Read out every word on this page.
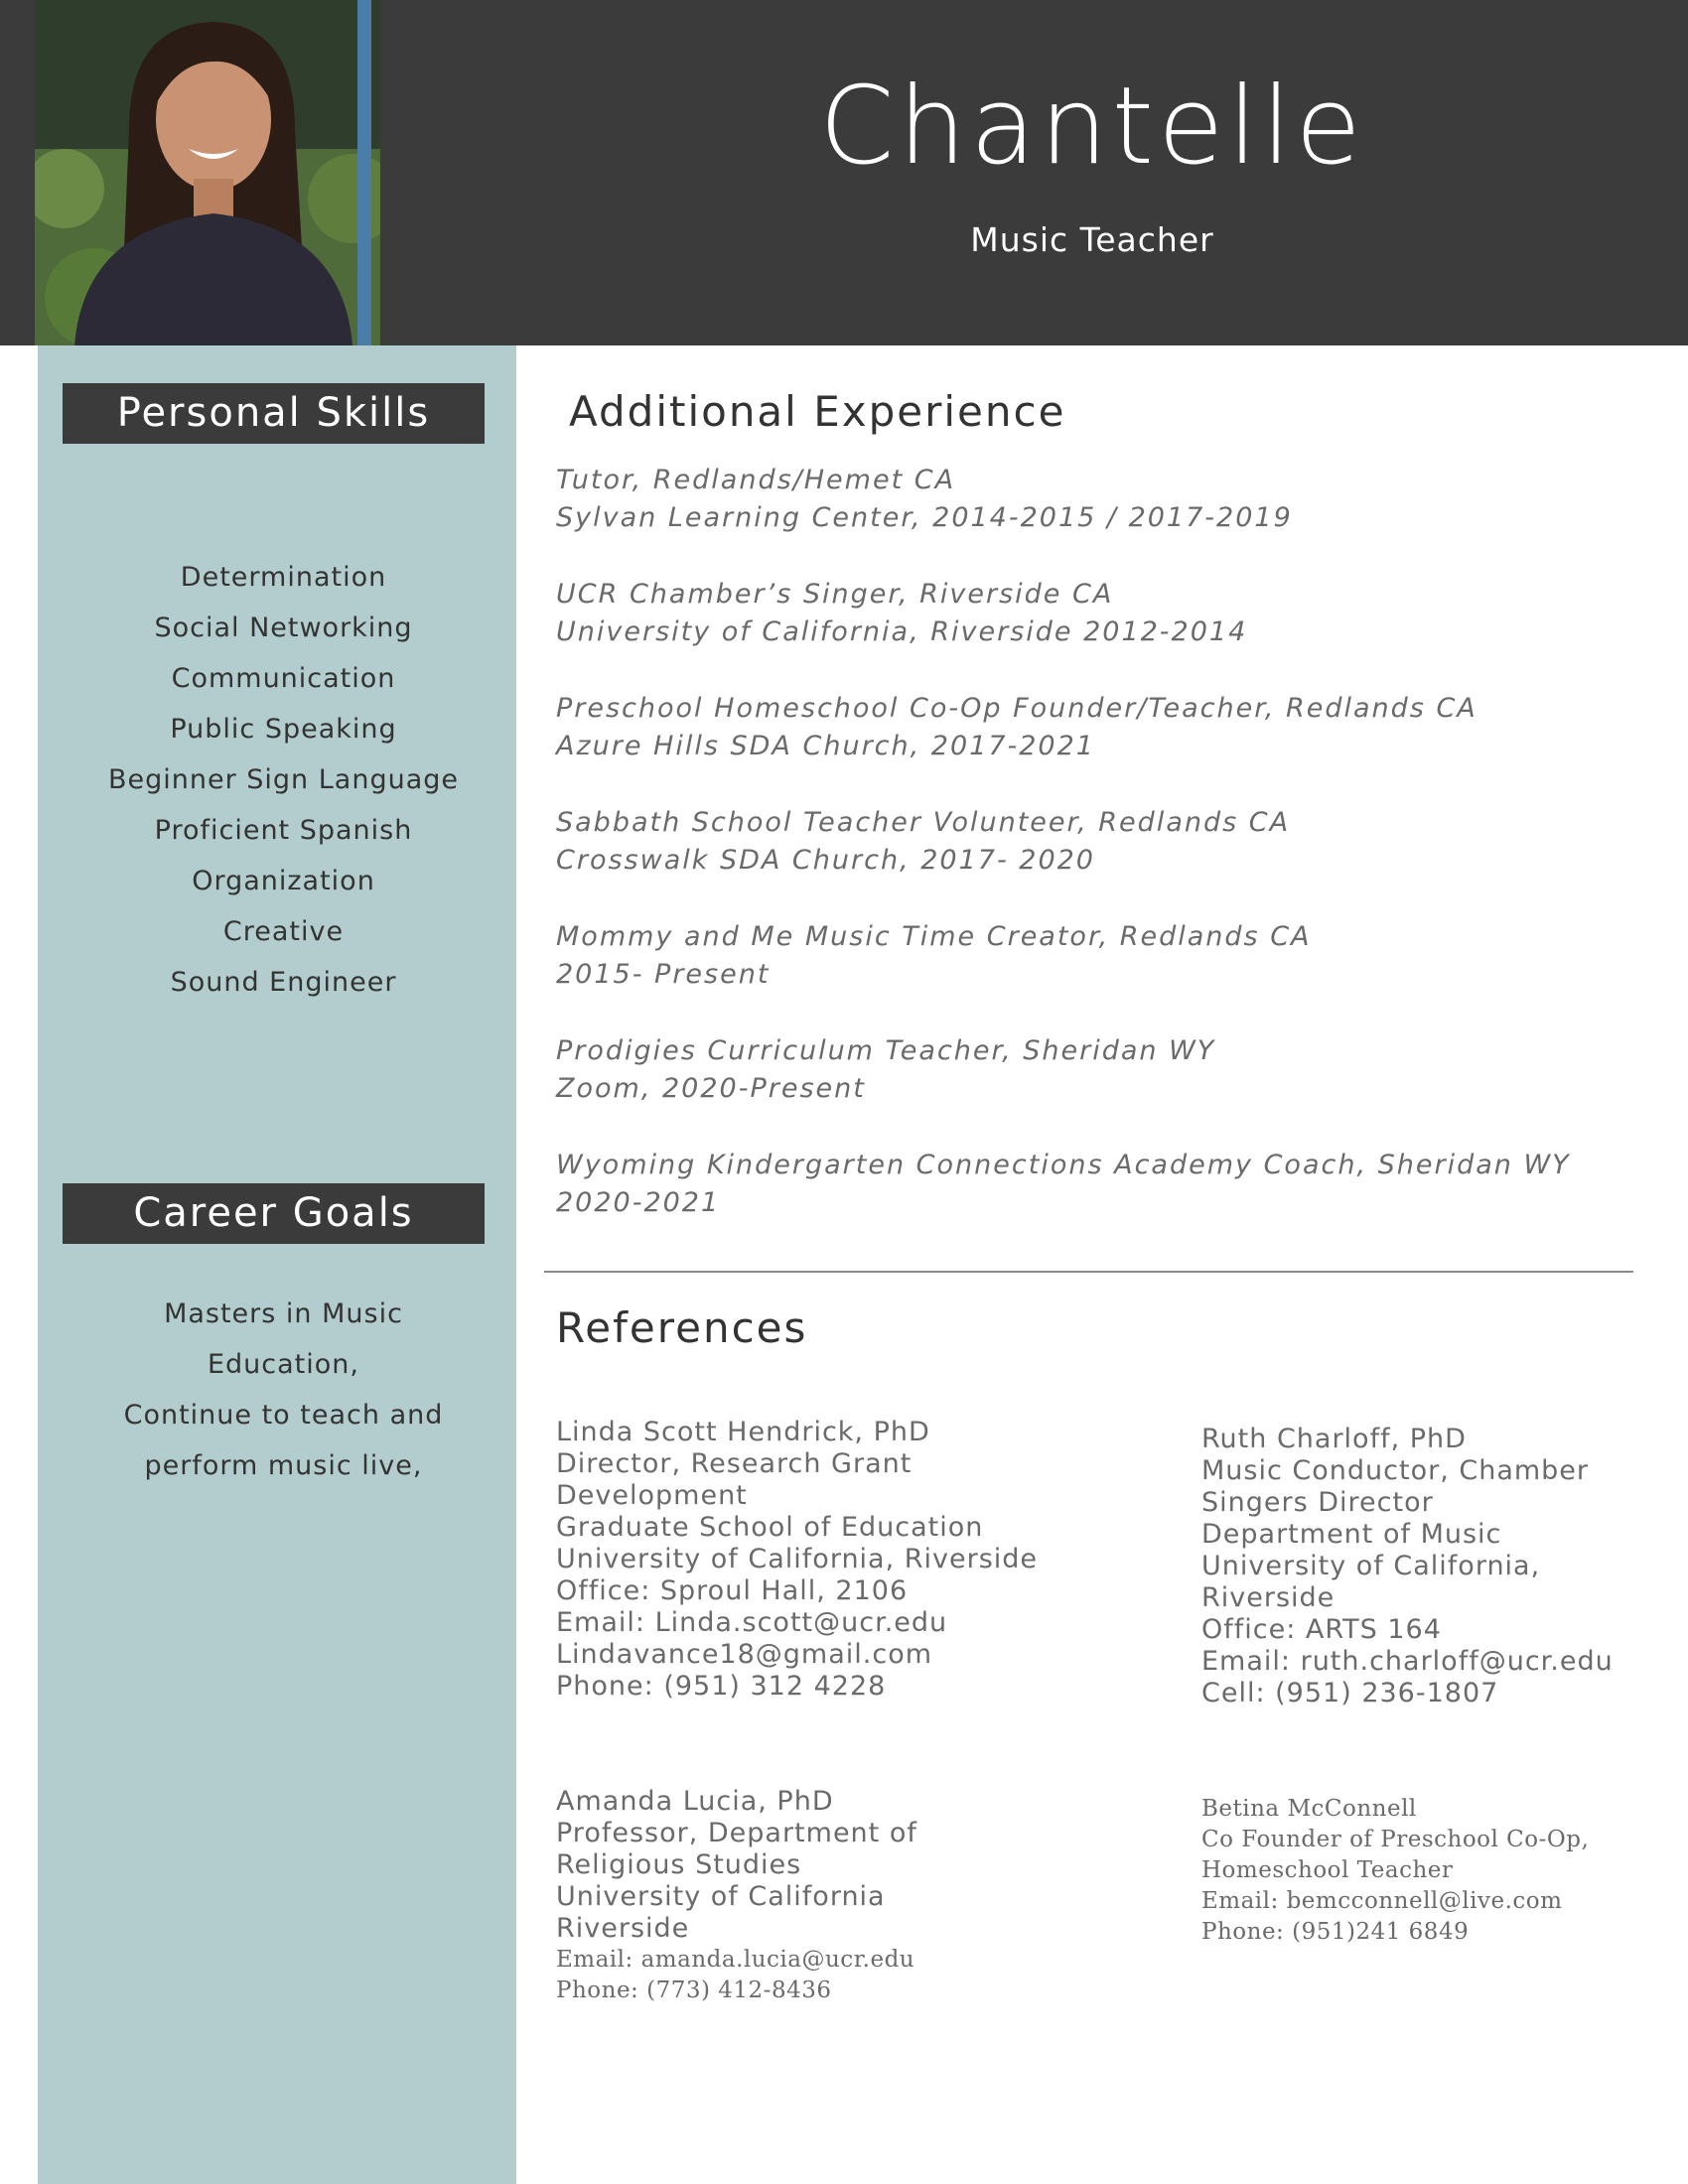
Chantelle
Music Teacher
Personal Skills
Determination
Social Networking
Communication
Public Speaking
Beginner Sign Language
Proficient Spanish
Organization
Creative
Sound Engineer
Career Goals
Masters in Music
Education,
Continue to teach and
perform music live,
Additional Experience
Tutor, Redlands/Hemet CA
Sylvan Learning Center, 2014-2015 / 2017-2019
UCR Chamber’s Singer, Riverside CA
University of California, Riverside 2012-2014
Preschool Homeschool Co-Op Founder/Teacher, Redlands CA
Azure Hills SDA Church, 2017-2021
Sabbath School Teacher Volunteer, Redlands CA
Crosswalk SDA Church, 2017- 2020
Mommy and Me Music Time Creator, Redlands CA
2015- Present
Prodigies Curriculum Teacher, Sheridan WY
Zoom, 2020-Present
Wyoming Kindergarten Connections Academy Coach, Sheridan WY
2020-2021
References
Linda Scott Hendrick, PhD
Director, Research Grant
Development
Graduate School of Education
University of California, Riverside
Office: Sproul Hall, 2106
Email: Linda.scott@ucr.edu
Lindavance18@gmail.com
Phone: (951) 312 4228
Ruth Charloff, PhD
Music Conductor, Chamber
Singers Director
Department of Music
University of California,
Riverside
Office: ARTS 164
Email: ruth.charloff@ucr.edu
Cell: (951) 236-1807
Amanda Lucia, PhD
Professor, Department of
Religious Studies
University of California
Riverside
Email: amanda.lucia@ucr.edu
Phone: (773) 412-8436
Betina McConnell
Co Founder of Preschool Co-Op,
Homeschool Teacher
Email: bemcconnell@live.com
Phone: (951)241 6849
